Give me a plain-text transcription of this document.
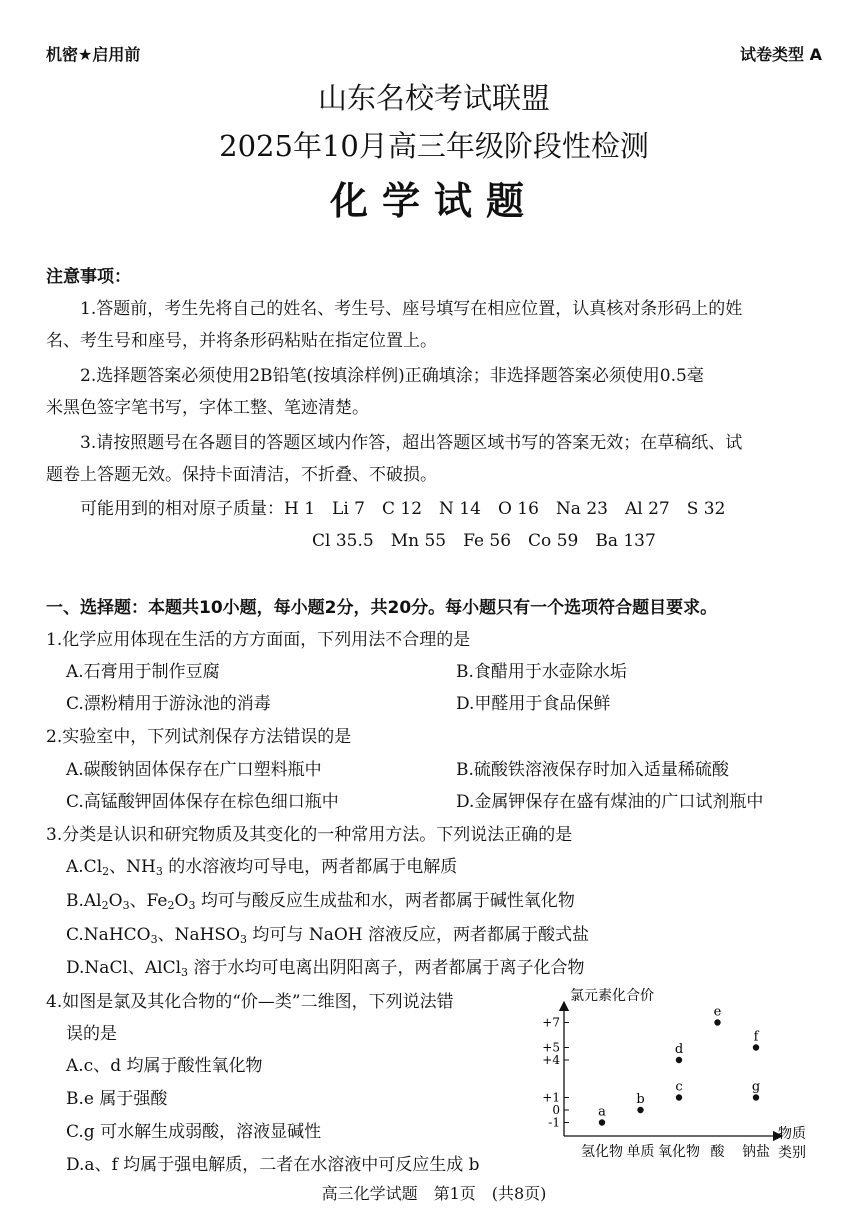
机密★启用前	试卷类型 A
山东名校考试联盟
2025年10月高三年级阶段性检测
化学试题
注意事项：
1.答题前，考生先将自己的姓名、考生号、座号填写在相应位置，认真核对条形码上的姓
名、考生号和座号，并将条形码粘贴在指定位置上。
2.选择题答案必须使用2B铅笔(按填涂样例)正确填涂；非选择题答案必须使用0.5毫
米黑色签字笔书写，字体工整、笔迹清楚。
3.请按照题号在各题目的答题区域内作答，超出答题区域书写的答案无效；在草稿纸、试
题卷上答题无效。保持卡面清洁，不折叠、不破损。
可能用到的相对原子质量：H 1　Li 7　C 12　N 14　O 16　Na 23　Al 27　S 32
Cl 35.5　Mn 55　Fe 56　Co 59　Ba 137
一、选择题：本题共10小题，每小题2分，共20分。每小题只有一个选项符合题目要求。
1.化学应用体现在生活的方方面面，下列用法不合理的是
A.石膏用于制作豆腐	B.食醋用于水壶除水垢
C.漂粉精用于游泳池的消毒	D.甲醛用于食品保鲜
2.实验室中，下列试剂保存方法错误的是
A.碳酸钠固体保存在广口塑料瓶中	B.硫酸铁溶液保存时加入适量稀硫酸
C.高锰酸钾固体保存在棕色细口瓶中	D.金属钾保存在盛有煤油的广口试剂瓶中
3.分类是认识和研究物质及其变化的一种常用方法。下列说法正确的是
$A.Cl_2$、$NH_3$ 的水溶液均可导电，两者都属于电解质
$B.Al_2O_3$、$Fe_2O_3$ 均可与酸反应生成盐和水，两者都属于碱性氧化物
C.NaHCO$_3$、NaHSO$_3$ 均可与 NaOH 溶液反应，两者都属于酸式盐
D.NaCl、AlCl$_3$ 溶于水均可电离出阴阳离子，两者都属于离子化合物
4.如图是氯及其化合物的“价—类”二维图，下列说法错
误的是
A.c、d 均属于酸性氧化物
B.e 属于强酸
C.g 可水解生成弱酸，溶液显碱性
D.a、f 均属于强电解质，二者在水溶液中可反应生成 b
氯元素化合价
物质
类别
+7
+5
+4
+1
0
-1
氢化物 单质 氧化物 酸 钠盐
a
b
c
d
e
f
g
高三化学试题　第1页　(共8页)
